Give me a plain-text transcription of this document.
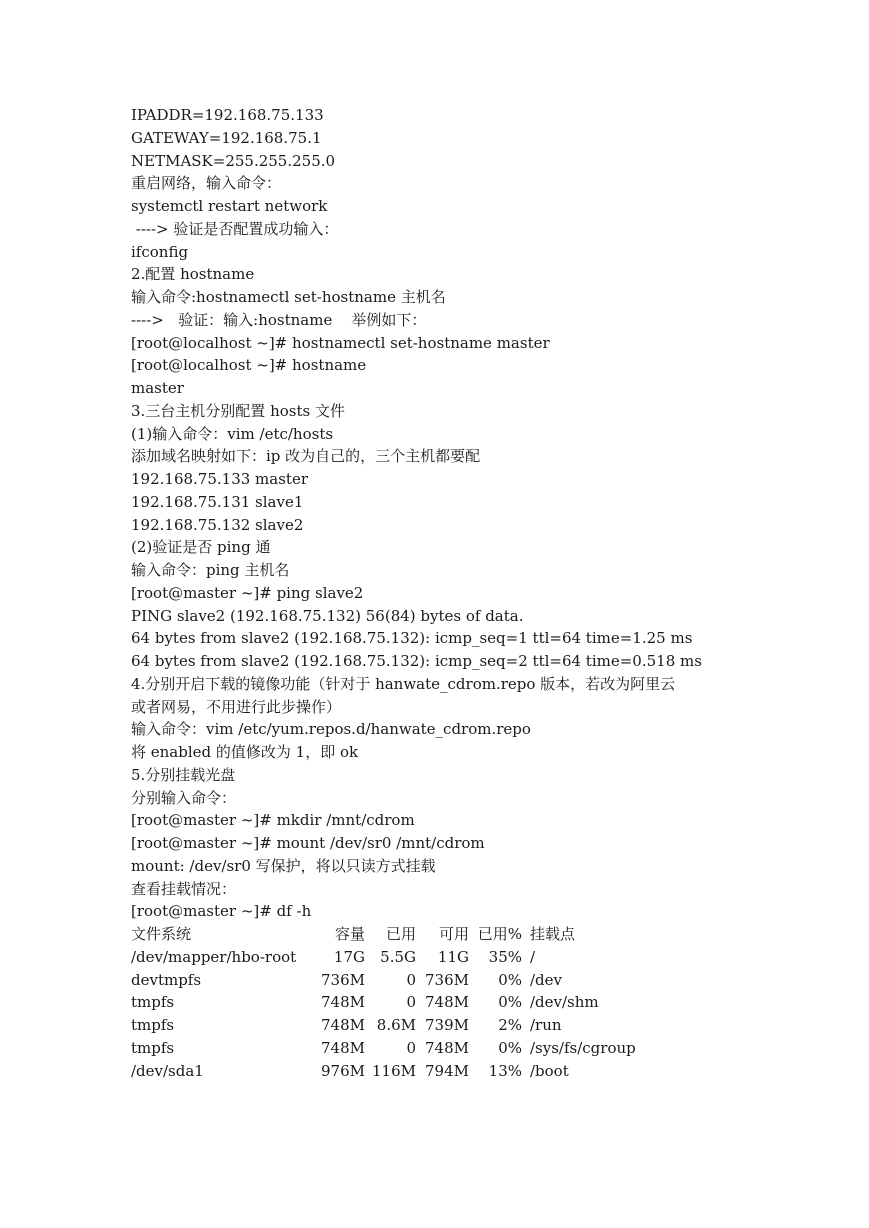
IPADDR=192.168.75.133
GATEWAY=192.168.75.1
NETMASK=255.255.255.0
重启网络，输入命令：
systemctl restart network
----> 验证是否配置成功输入：
ifconfig
2.配置 hostname
输入命令:hostnamectl set-hostname 主机名
---->   验证：输入:hostname    举例如下：
[root@localhost ~]# hostnamectl set-hostname master
[root@localhost ~]# hostname
master
3.三台主机分别配置 hosts 文件
(1)输入命令：vim /etc/hosts
添加域名映射如下：ip 改为自己的，三个主机都要配
192.168.75.133 master
192.168.75.131 slave1
192.168.75.132 slave2
(2)验证是否 ping 通
输入命令：ping 主机名
[root@master ~]# ping slave2
PING slave2 (192.168.75.132) 56(84) bytes of data.
64 bytes from slave2 (192.168.75.132): icmp_seq=1 ttl=64 time=1.25 ms
64 bytes from slave2 (192.168.75.132): icmp_seq=2 ttl=64 time=0.518 ms
4.分别开启下载的镜像功能（针对于 hanwate_cdrom.repo 版本，若改为阿里云
或者网易，不用进行此步操作）
输入命令：vim /etc/yum.repos.d/hanwate_cdrom.repo
将 enabled 的值修改为 1，即 ok
5.分别挂载光盘
分别输入命令：
[root@master ~]# mkdir /mnt/cdrom
[root@master ~]# mount /dev/sr0 /mnt/cdrom
mount: /dev/sr0 写保护，将以只读方式挂载
查看挂载情况：
[root@master ~]# df -h
文件系统	容量	已用	可用	已用%	挂载点
/dev/mapper/hbo-root	17G	5.5G	11G	35%	/
devtmpfs	736M	0	736M	0%	/dev
tmpfs	748M	0	748M	0%	/dev/shm
tmpfs	748M	8.6M	739M	2%	/run
tmpfs	748M	0	748M	0%	/sys/fs/cgroup
/dev/sda1	976M	116M	794M	13%	/boot
